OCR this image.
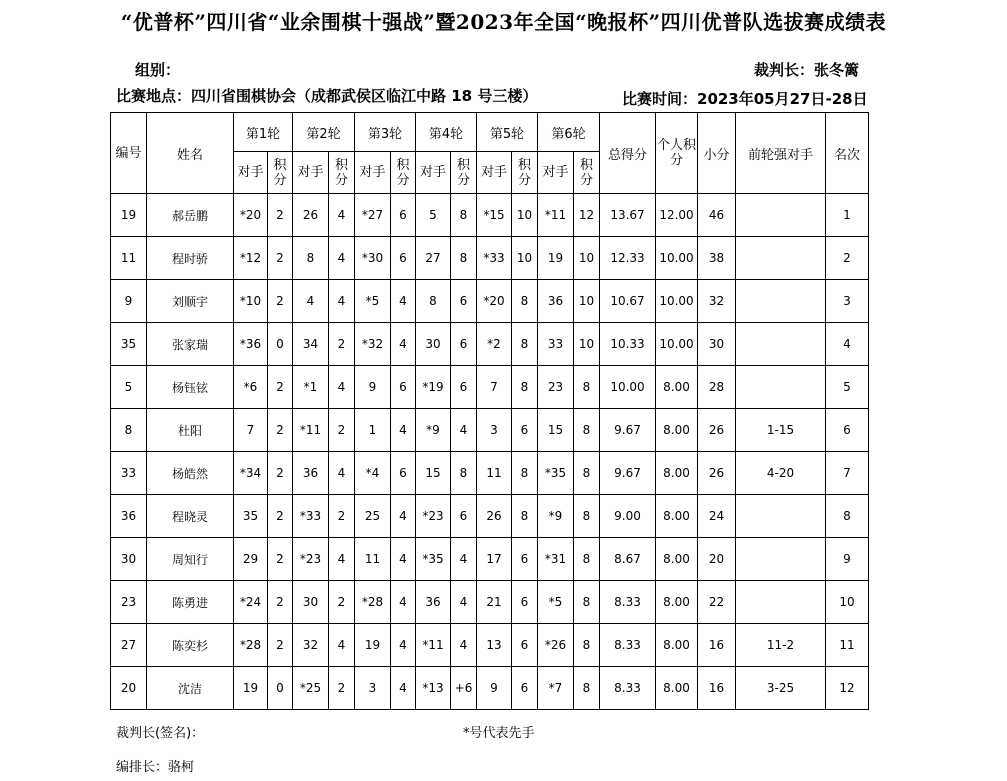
“优普杯”四川省“业余围棋十强战”暨2023年全国“晚报杯”四川优普队选拔赛成绩表
组别：	裁判长：张冬篱
比赛地点：四川省围棋协会（成都武侯区临江中路 18 号三楼）	比赛时间：2023年05月27日-28日
编号	姓名	第1轮		第2轮		第3轮		第4轮		第5轮		第6轮		总得分	个人积分	小分	前轮强对手	名次
		对手	积分	对手	积分	对手	积分	对手	积分	对手	积分	对手	积分					
19	郝岳鹏	*20	2	26	4	*27	6	5	8	*15	10	*11	12	13.67	12.00	46		1
11	程时骄	*12	2	8	4	*30	6	27	8	*33	10	19	10	12.33	10.00	38		2
9	刘顺宇	*10	2	4	4	*5	4	8	6	*20	8	36	10	10.67	10.00	32		3
35	张家瑞	*36	0	34	2	*32	4	30	6	*2	8	33	10	10.33	10.00	30		4
5	杨钰铉	*6	2	*1	4	9	6	*19	6	7	8	23	8	10.00	8.00	28		5
8	杜阳	7	2	*11	2	1	4	*9	4	3	6	15	8	9.67	8.00	26	1-15	6
33	杨皓然	*34	2	36	4	*4	6	15	8	11	8	*35	8	9.67	8.00	26	4-20	7
36	程晓灵	35	2	*33	2	25	4	*23	6	26	8	*9	8	9.00	8.00	24		8
30	周知行	29	2	*23	4	11	4	*35	4	17	6	*31	8	8.67	8.00	20		9
23	陈勇进	*24	2	30	2	*28	4	36	4	21	6	*5	8	8.33	8.00	22		10
27	陈奕杉	*28	2	32	4	19	4	*11	4	13	6	*26	8	8.33	8.00	16	11-2	11
20	沈洁	19	0	*25	2	3	4	*13	+6	9	6	*7	8	8.33	8.00	16	3-25	12
裁判长(签名)：	*号代表先手
编排长：骆柯
